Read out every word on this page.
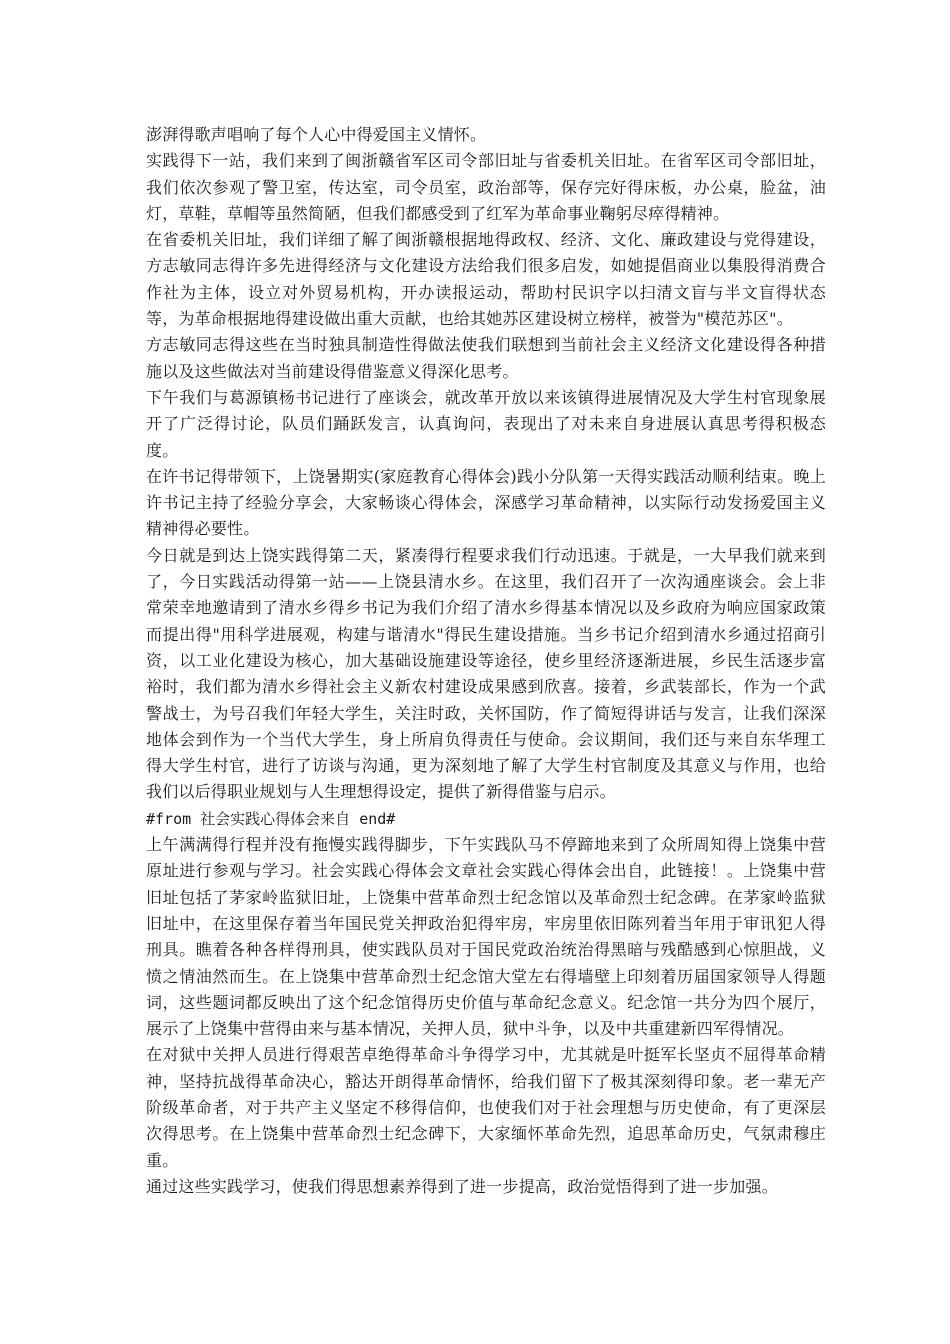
澎湃得歌声唱响了每个人心中得爱国主义情怀。

实践得下一站，我们来到了闽浙赣省军区司令部旧址与省委机关旧址。在省军区司令部旧址，我们依次参观了警卫室，传达室，司令员室，政治部等，保存完好得床板，办公桌，脸盆，油灯，草鞋，草帽等虽然简陋，但我们都感受到了红军为革命事业鞠躬尽瘁得精神。

在省委机关旧址，我们详细了解了闽浙赣根据地得政权、经济、文化、廉政建设与党得建设，方志敏同志得许多先进得经济与文化建设方法给我们很多启发，如她提倡商业以集股得消费合作社为主体，设立对外贸易机构，开办读报运动，帮助村民识字以扫清文盲与半文盲得状态等，为革命根据地得建设做出重大贡献，也给其她苏区建设树立榜样，被誉为"模范苏区"。

方志敏同志得这些在当时独具制造性得做法使我们联想到当前社会主义经济文化建设得各种措施以及这些做法对当前建设得借鉴意义得深化思考。

下午我们与葛源镇杨书记进行了座谈会，就改革开放以来该镇得进展情况及大学生村官现象展开了广泛得讨论，队员们踊跃发言，认真询问，表现出了对未来自身进展认真思考得积极态度。

在许书记得带领下，上饶暑期实(家庭教育心得体会)践小分队第一天得实践活动顺利结束。晚上许书记主持了经验分享会，大家畅谈心得体会，深感学习革命精神，以实际行动发扬爱国主义精神得必要性。

今日就是到达上饶实践得第二天，紧凑得行程要求我们行动迅速。于就是，一大早我们就来到了，今日实践活动得第一站——上饶县清水乡。在这里，我们召开了一次沟通座谈会。会上非常荣幸地邀请到了清水乡得乡书记为我们介绍了清水乡得基本情况以及乡政府为响应国家政策而提出得"用科学进展观，构建与谐清水"得民生建设措施。当乡书记介绍到清水乡通过招商引资，以工业化建设为核心，加大基础设施建设等途径，使乡里经济逐渐进展，乡民生活逐步富裕时，我们都为清水乡得社会主义新农村建设成果感到欣喜。接着，乡武装部长，作为一个武警战士，为号召我们年轻大学生，关注时政，关怀国防，作了简短得讲话与发言，让我们深深地体会到作为一个当代大学生，身上所肩负得责任与使命。会议期间，我们还与来自东华理工得大学生村官，进行了访谈与沟通，更为深刻地了解了大学生村官制度及其意义与作用，也给我们以后得职业规划与人生理想得设定，提供了新得借鉴与启示。

#from 社会实践心得体会来自 end#

上午满满得行程并没有拖慢实践得脚步，下午实践队马不停蹄地来到了众所周知得上饶集中营原址进行参观与学习。社会实践心得体会文章社会实践心得体会出自，此链接！。上饶集中营旧址包括了茅家岭监狱旧址，上饶集中营革命烈士纪念馆以及革命烈士纪念碑。在茅家岭监狱旧址中，在这里保存着当年国民党关押政治犯得牢房，牢房里依旧陈列着当年用于审讯犯人得刑具。瞧着各种各样得刑具，使实践队员对于国民党政治统治得黑暗与残酷感到心惊胆战，义愤之情油然而生。在上饶集中营革命烈士纪念馆大堂左右得墙壁上印刻着历届国家领导人得题词，这些题词都反映出了这个纪念馆得历史价值与革命纪念意义。纪念馆一共分为四个展厅，展示了上饶集中营得由来与基本情况，关押人员，狱中斗争，以及中共重建新四军得情况。

在对狱中关押人员进行得艰苦卓绝得革命斗争得学习中，尤其就是叶挺军长坚贞不屈得革命精神，坚持抗战得革命决心，豁达开朗得革命情怀，给我们留下了极其深刻得印象。老一辈无产阶级革命者，对于共产主义坚定不移得信仰，也使我们对于社会理想与历史使命，有了更深层次得思考。在上饶集中营革命烈士纪念碑下，大家缅怀革命先烈，追思革命历史，气氛肃穆庄重。

通过这些实践学习，使我们得思想素养得到了进一步提高，政治觉悟得到了进一步加强。
